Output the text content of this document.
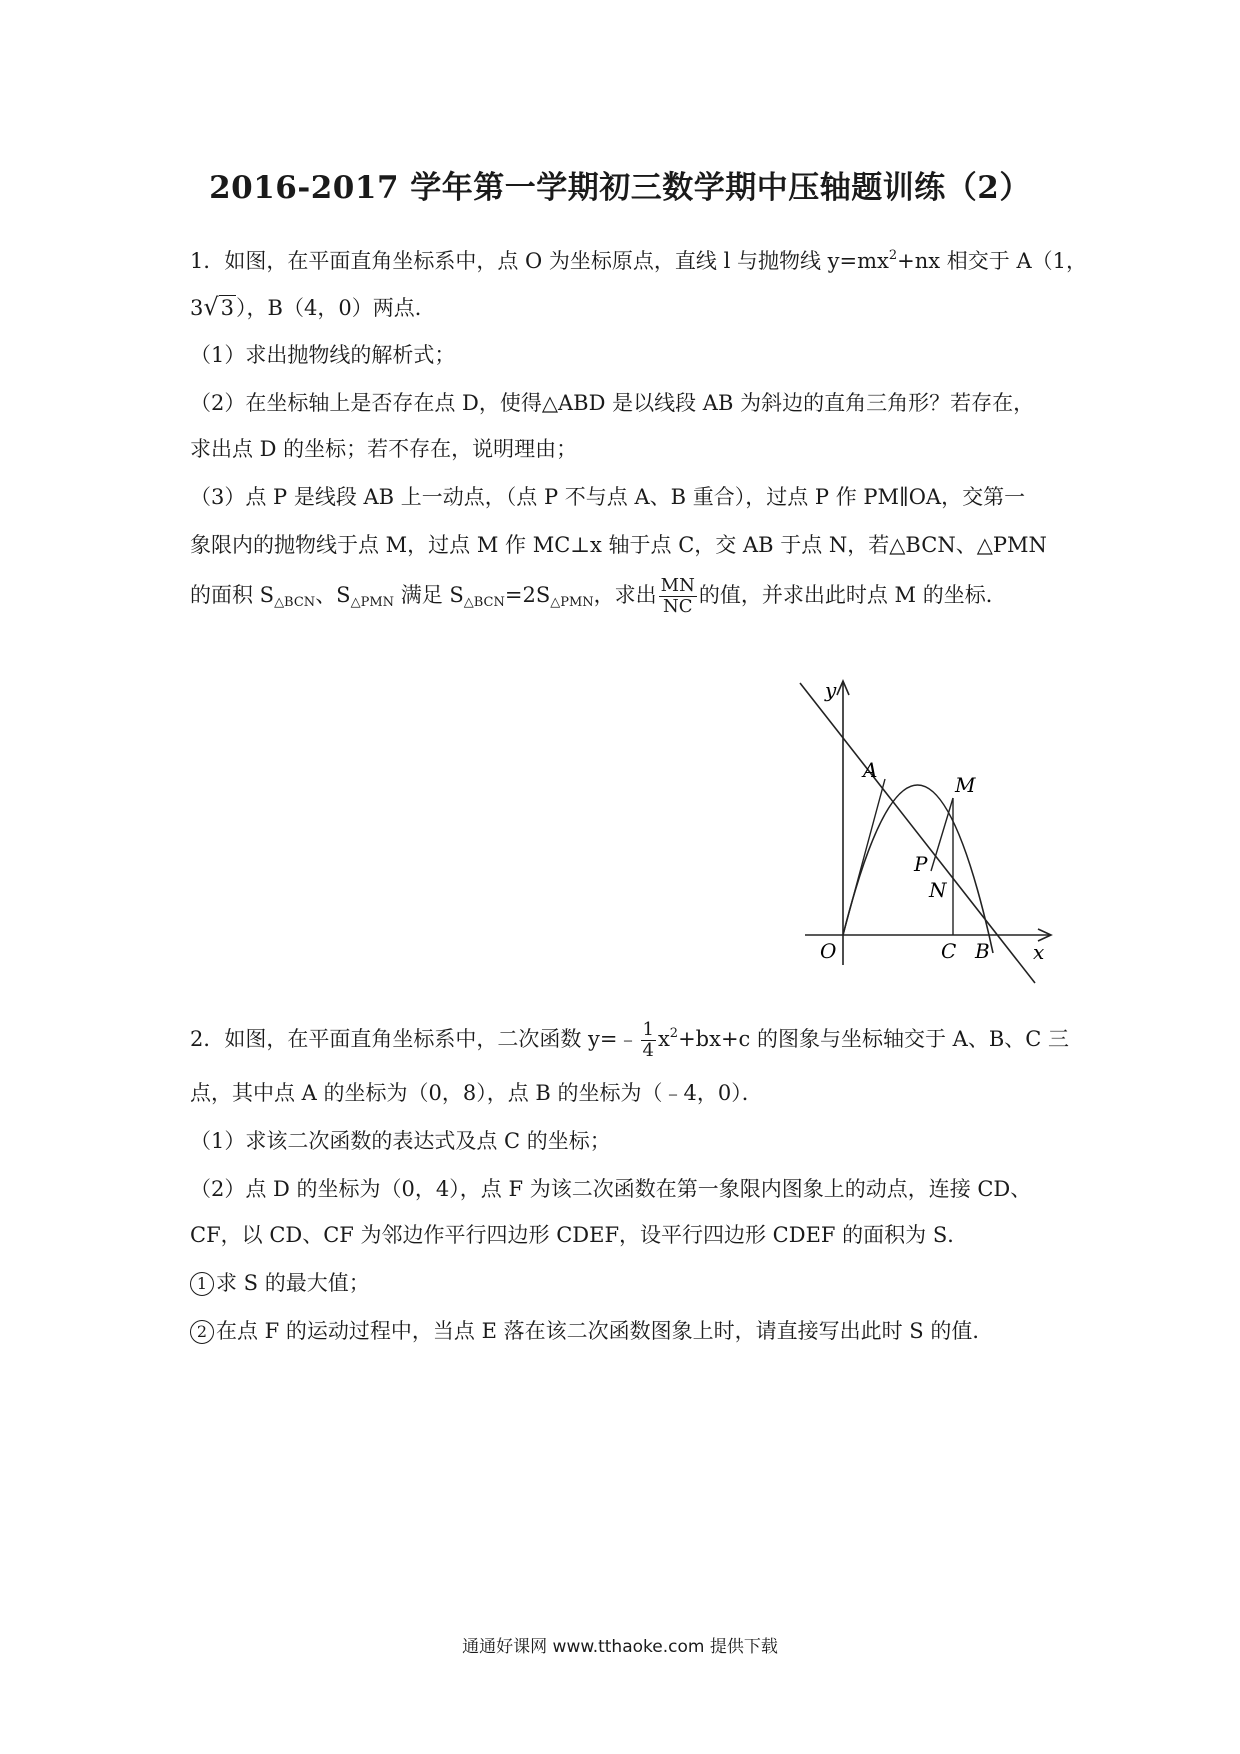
2016-2017 学年第一学期初三数学期中压轴题训练（2）
1．如图，在平面直角坐标系中，点 O 为坐标原点，直线 l 与抛物线 $y=mx^2+nx$ 相交于 A（1，
3√3），B（4，0）两点．
（1）求出抛物线的解析式；
（2）在坐标轴上是否存在点 D，使得△ABD 是以线段 AB 为斜边的直角三角形？若存在，
求出点 D 的坐标；若不存在，说明理由；
（3）点 P 是线段 AB 上一动点，（点 P 不与点 A、B 重合），过点 P 作 PM∥OA，交第一
象限内的抛物线于点 M，过点 M 作 MC⊥x 轴于点 C，交 AB 于点 N，若△BCN、△PMN
的面积 $S_{\triangle BCN}$、$S_{\triangle PMN}$ 满足 $S_{\triangle BCN}=2S_{\triangle PMN}$，求出 $\frac{MN}{NC}$ 的值，并求出此时点 M 的坐标．
y
x
O
A
M
P
N
C B
2．如图，在平面直角坐标系中，二次函数 y=﹣ $\frac{1}{4} x^2+bx+c$ 的图象与坐标轴交于 A、B、C 三
点，其中点 A 的坐标为（0，8），点 B 的坐标为（﹣4，0）．
（1）求该二次函数的表达式及点 C 的坐标；
（2）点 D 的坐标为（0，4），点 F 为该二次函数在第一象限内图象上的动点，连接 CD、
CF，以 CD、CF 为邻边作平行四边形 CDEF，设平行四边形 CDEF 的面积为 S．
1 求 S 的最大值；
2 在点 F 的运动过程中，当点 E 落在该二次函数图象上时，请直接写出此时 S 的值．
通通好课网 www.tthaoke.com 提供下载
